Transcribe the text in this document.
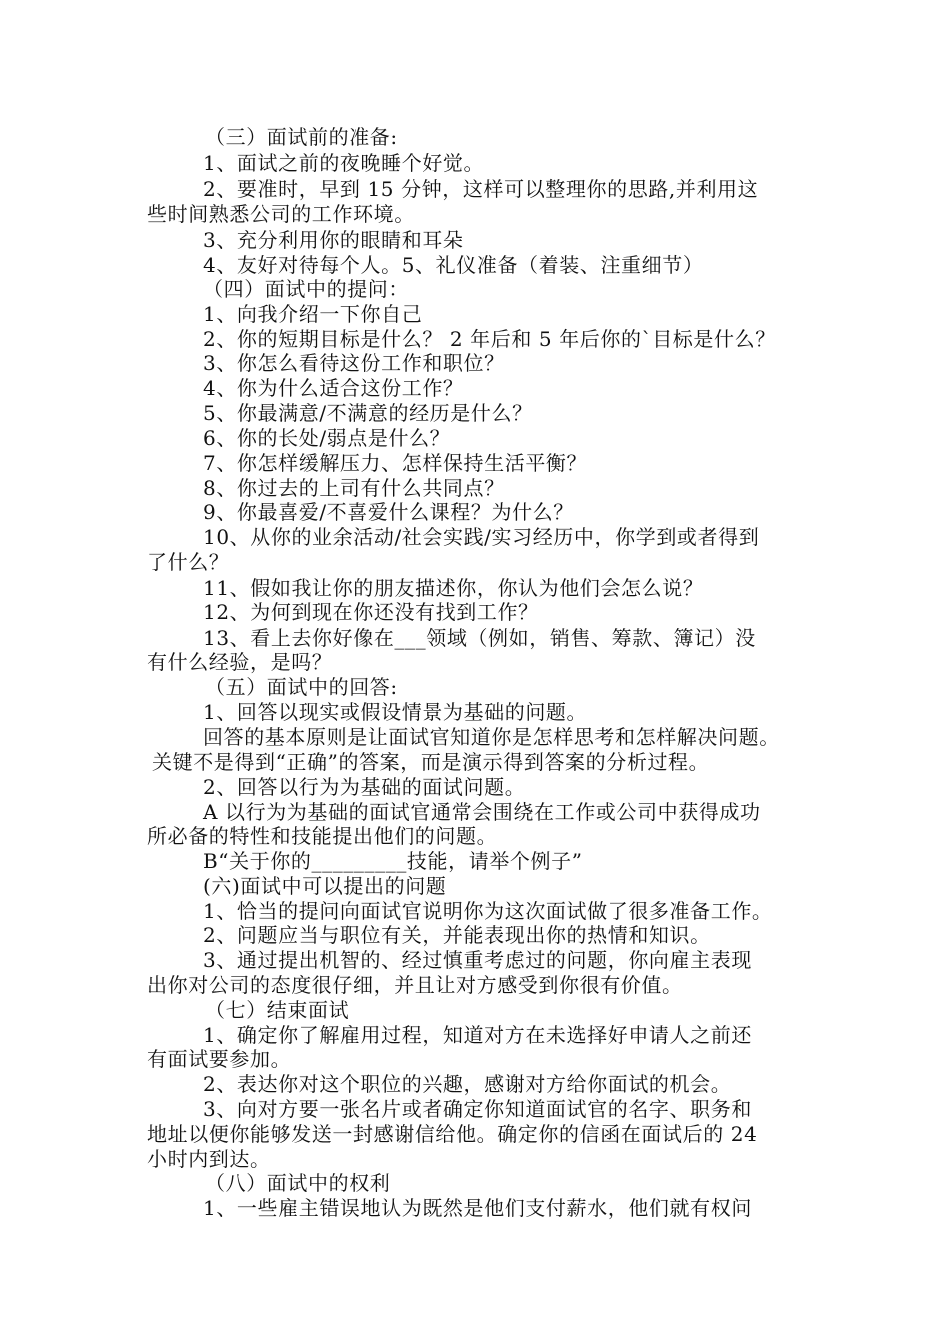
（三）面试前的准备:
1、面试之前的夜晚睡个好觉。
2、要准时，早到 15 分钟，这样可以整理你的思路,并利用这
些时间熟悉公司的工作环境。
3、充分利用你的眼睛和耳朵
4、友好对待每个人。5、礼仪准备（着装、注重细节）
（四）面试中的提问：
1、向我介绍一下你自己
2、你的短期目标是什么？ 2 年后和 5 年后你的`目标是什么？
3、你怎么看待这份工作和职位？
4、你为什么适合这份工作？
5、你最满意/不满意的经历是什么？
6、你的长处/弱点是什么？
7、你怎样缓解压力、怎样保持生活平衡？
8、你过去的上司有什么共同点？
9、你最喜爱/不喜爱什么课程？为什么？
10、从你的业余活动/社会实践/实习经历中，你学到或者得到
了什么？
11、假如我让你的朋友描述你，你认为他们会怎么说？
12、为何到现在你还没有找到工作？
13、看上去你好像在___领域（例如，销售、筹款、簿记）没
有什么经验，是吗？
（五）面试中的回答:
1、回答以现实或假设情景为基础的问题。
回答的基本原则是让面试官知道你是怎样思考和怎样解决问题。
关键不是得到“正确”的答案，而是演示得到答案的分析过程。
2、回答以行为为基础的面试问题。
A 以行为为基础的面试官通常会围绕在工作或公司中获得成功
所必备的特性和技能提出他们的问题。
B“关于你的_________技能，请举个例子”
(六)面试中可以提出的问题
1、恰当的提问向面试官说明你为这次面试做了很多准备工作。
2、问题应当与职位有关，并能表现出你的热情和知识。
3、通过提出机智的、经过慎重考虑过的问题，你向雇主表现
出你对公司的态度很仔细，并且让对方感受到你很有价值。
（七）结束面试
1、确定你了解雇用过程，知道对方在未选择好申请人之前还
有面试要参加。
2、表达你对这个职位的兴趣，感谢对方给你面试的机会。
3、向对方要一张名片或者确定你知道面试官的名字、职务和
地址以便你能够发送一封感谢信给他。确定你的信函在面试后的 24
小时内到达。
（八）面试中的权利
1、一些雇主错误地认为既然是他们支付薪水，他们就有权问
